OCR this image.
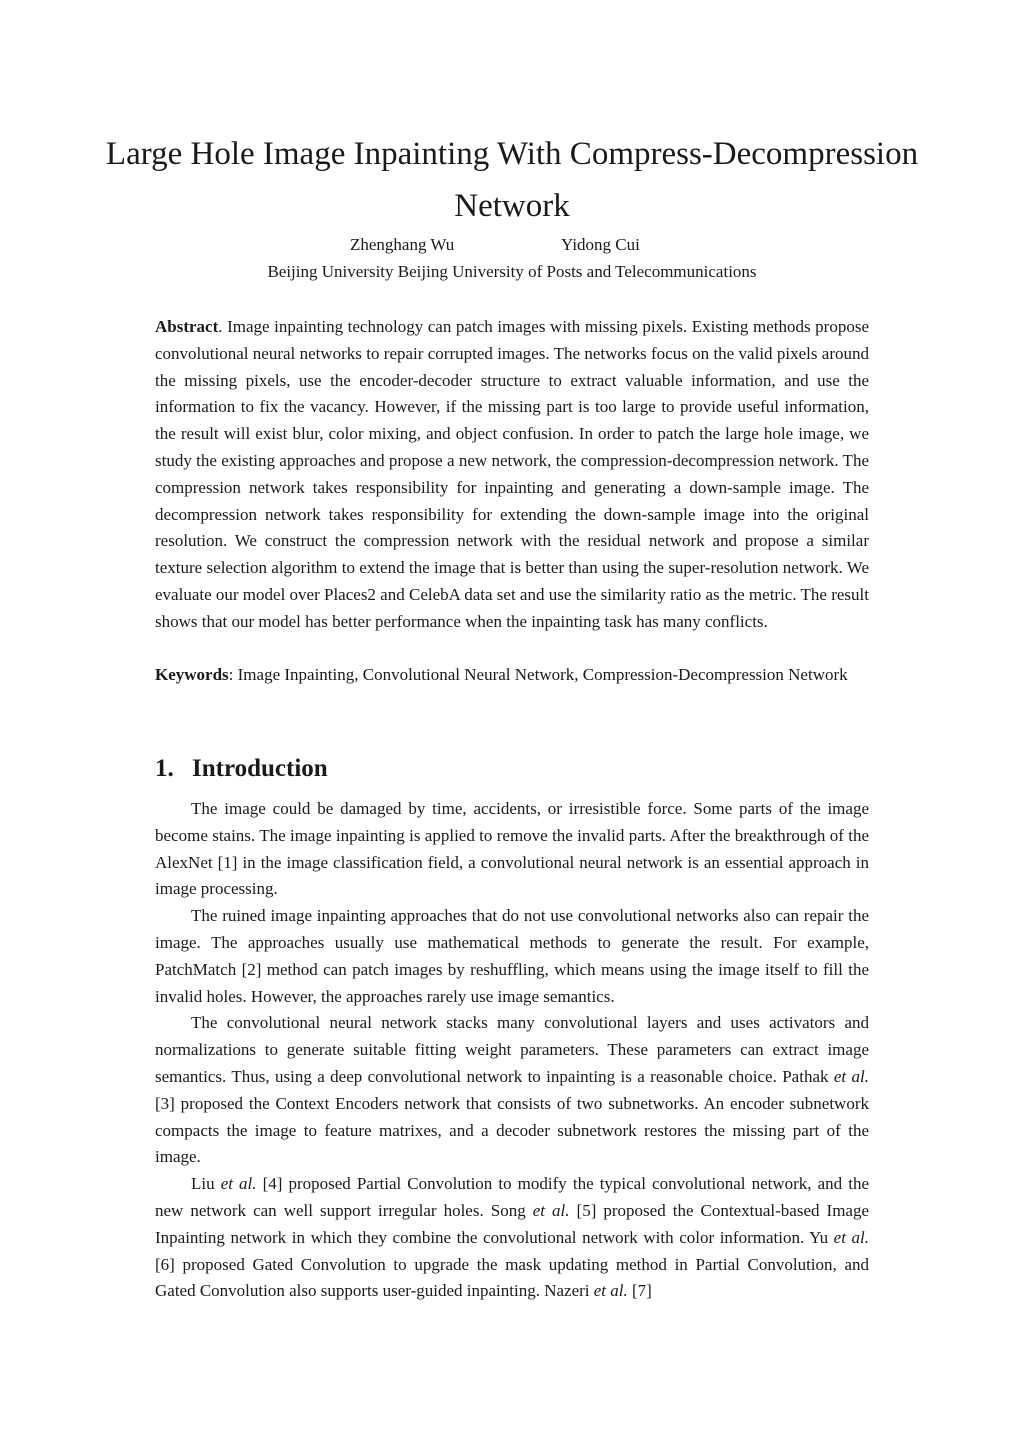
Large Hole Image Inpainting With Compress-Decompression Network
Zhenghang Wu	Yidong Cui
Beijing University Beijing University of Posts and Telecommunications

Abstract. Image inpainting technology can patch images with missing pixels. Existing methods propose convolutional neural networks to repair corrupted images. The networks focus on the valid pixels around the missing pixels, use the encoder-decoder structure to extract valuable information, and use the information to fix the vacancy. However, if the missing part is too large to provide useful information, the result will exist blur, color mixing, and object confusion. In order to patch the large hole image, we study the existing approaches and propose a new network, the compression-decompression network. The compression network takes responsibility for inpainting and generating a down-sample image. The decompression network takes responsibility for extending the down-sample image into the original resolution. We construct the compression network with the residual network and propose a similar texture selection algorithm to extend the image that is better than using the super-resolution network. We evaluate our model over Places2 and CelebA data set and use the similarity ratio as the metric. The result shows that our model has better performance when the inpainting task has many conflicts.

Keywords: Image Inpainting, Convolutional Neural Network, Compression-Decompression Network

1. Introduction

The image could be damaged by time, accidents, or irresistible force. Some parts of the image become stains. The image inpainting is applied to remove the invalid parts. After the breakthrough of the AlexNet [1] in the image classification field, a convolutional neural network is an essential approach in image processing.

The ruined image inpainting approaches that do not use convolutional networks also can repair the image. The approaches usually use mathematical methods to generate the result. For example, PatchMatch [2] method can patch images by reshuffling, which means using the image itself to fill the invalid holes. However, the approaches rarely use image semantics.

The convolutional neural network stacks many convolutional layers and uses activators and normalizations to generate suitable fitting weight parameters. These parameters can extract image semantics. Thus, using a deep convolutional network to inpainting is a reasonable choice. Pathak et al. [3] proposed the Context Encoders network that consists of two subnetworks. An encoder subnetwork compacts the image to feature matrixes, and a decoder subnetwork restores the missing part of the image.

Liu et al. [4] proposed Partial Convolution to modify the typical convolutional network, and the new network can well support irregular holes. Song et al. [5] proposed the Contextual-based Image Inpainting network in which they combine the convolutional network with color information. Yu et al. [6] proposed Gated Convolution to upgrade the mask updating method in Partial Convolution, and Gated Convolution also supports user-guided inpainting. Nazeri et al. [7]
